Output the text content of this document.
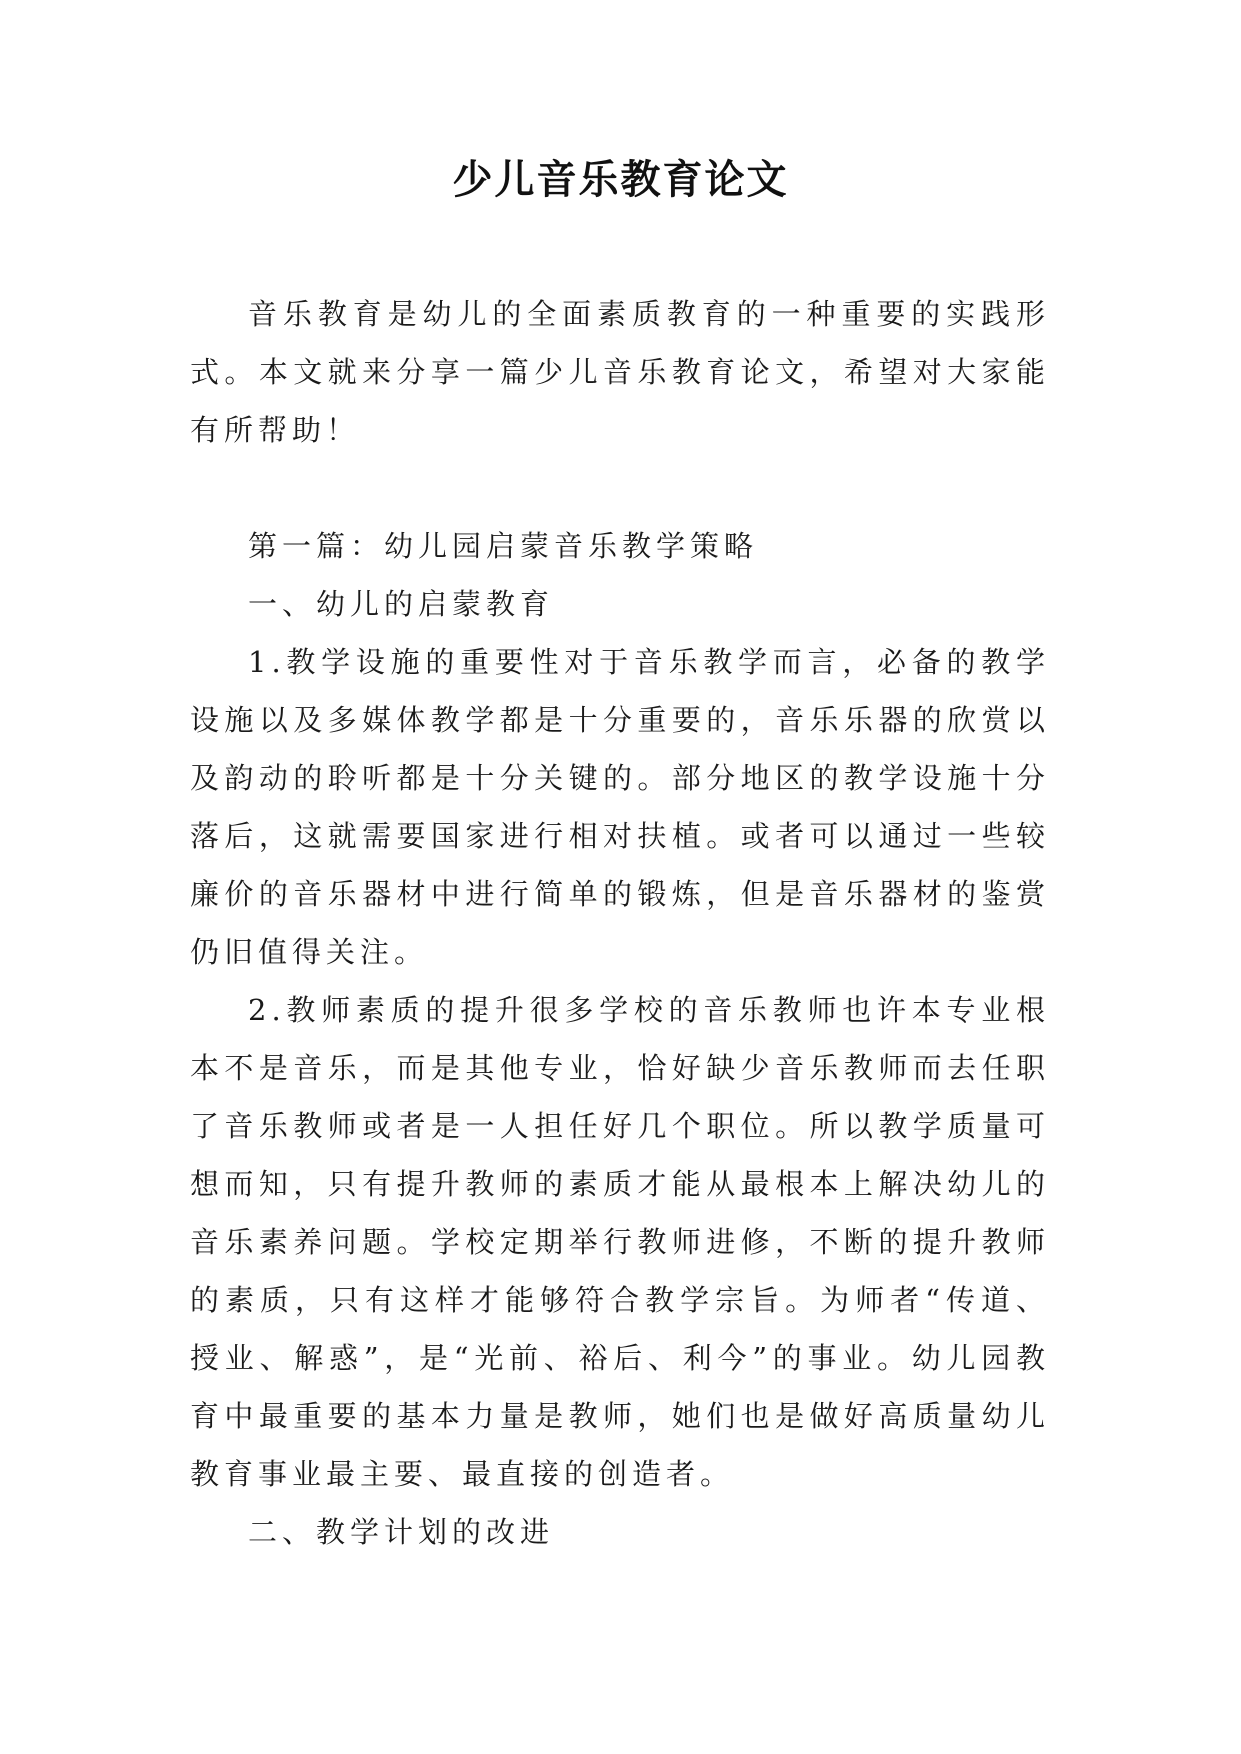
少儿音乐教育论文

音乐教育是幼儿的全面素质教育的一种重要的实践形式。本文就来分享一篇少儿音乐教育论文，希望对大家能有所帮助！

第一篇：幼儿园启蒙音乐教学策略

一、幼儿的启蒙教育

1.教学设施的重要性对于音乐教学而言，必备的教学设施以及多媒体教学都是十分重要的，音乐乐器的欣赏以及韵动的聆听都是十分关键的。部分地区的教学设施十分落后，这就需要国家进行相对扶植。或者可以通过一些较廉价的音乐器材中进行简单的锻炼，但是音乐器材的鉴赏仍旧值得关注。

2.教师素质的提升很多学校的音乐教师也许本专业根本不是音乐，而是其他专业，恰好缺少音乐教师而去任职了音乐教师或者是一人担任好几个职位。所以教学质量可想而知，只有提升教师的素质才能从最根本上解决幼儿的音乐素养问题。学校定期举行教师进修，不断的提升教师的素质，只有这样才能够符合教学宗旨。为师者“传道、授业、解惑”，是“光前、裕后、利今”的事业。幼儿园教育中最重要的基本力量是教师，她们也是做好高质量幼儿教育事业最主要、最直接的创造者。

二、教学计划的改进
